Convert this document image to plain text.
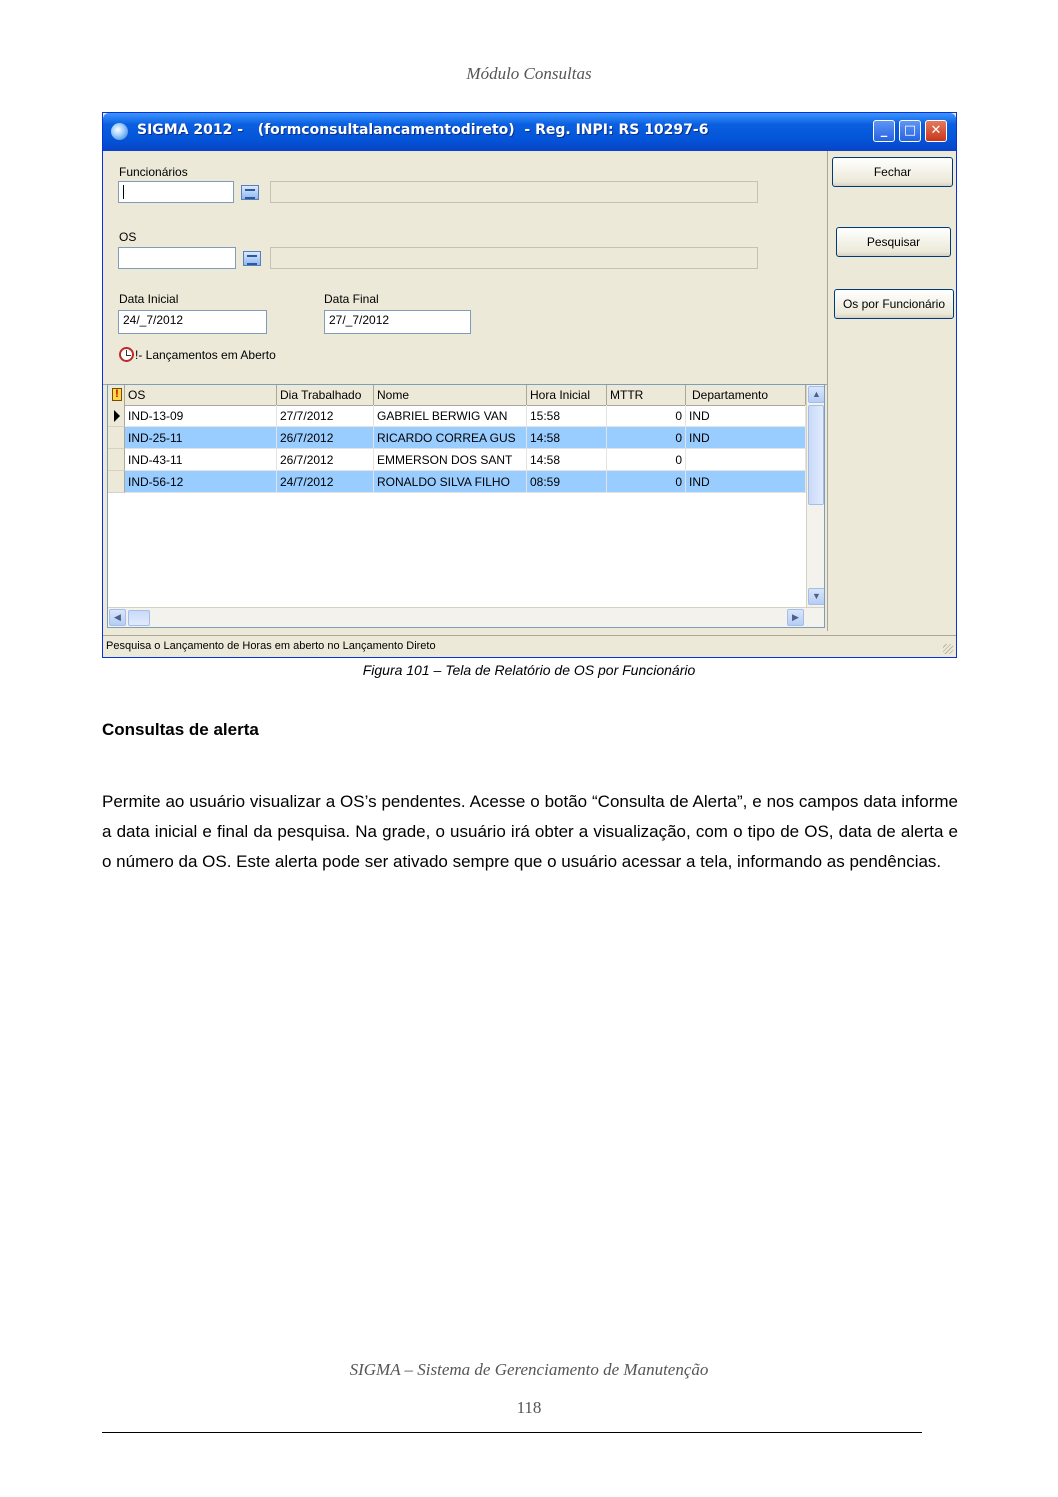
Módulo Consultas
SIGMA 2012 -   (formconsultalancamentodireto)  - Reg. INPI: RS 10297-6	_	□	✕
Funcionários
OS
Data Inicial
24/_7/2012
Data Final
27/_7/2012
!- Lançamentos em Aberto
Fechar
Pesquisar
Os por Funcionário
! OS	Dia Trabalhado	Nome	Hora Inicial	MTTR	Departamento
IND-13-09	27/7/2012	GABRIEL BERWIG VAN	15:58	0 IND
IND-25-11	26/7/2012	RICARDO CORREA GUS	14:58	0 IND
IND-43-11	26/7/2012	EMMERSON DOS SANT	14:58	0
IND-56-12	24/7/2012	RONALDO SILVA FILHO	08:59	0 IND
▲
▼
◀	▶
Pesquisa o Lançamento de Horas em aberto no Lançamento Direto
Figura 101 – Tela de Relatório de OS por Funcionário
Consultas de alerta
Permite ao usuário visualizar a OS’s pendentes. Acesse o botão “Consulta de Alerta”, e nos campos data informe a data inicial e final da pesquisa. Na grade, o usuário irá obter a visualização, com o tipo de OS, data de alerta e o número da OS. Este alerta pode ser ativado sempre que o usuário acessar a tela, informando as pendências.
SIGMA – Sistema de Gerenciamento de Manutenção
118
